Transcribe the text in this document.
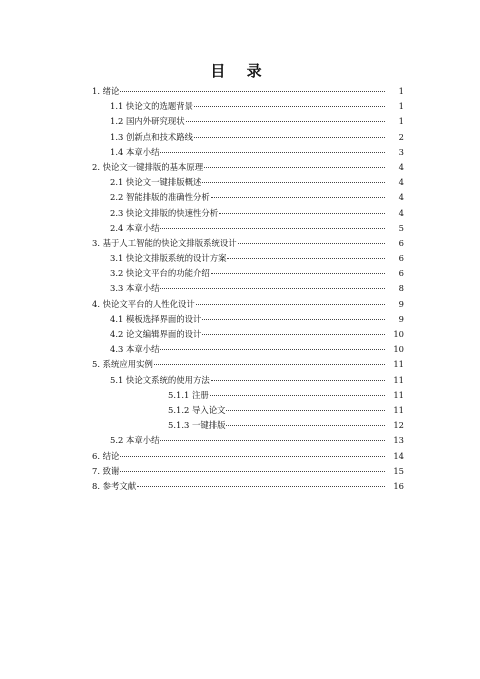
目 录
1. 绪论	1
1.1 快论文的选题背景	1
1.2 国内外研究现状	1
1.3 创新点和技术路线	2
1.4 本章小结	3
2. 快论文一键排版的基本原理	4
2.1 快论文一键排版概述	4
2.2 智能排版的准确性分析	4
2.3 快论文排版的快速性分析	4
2.4 本章小结	5
3. 基于人工智能的快论文排版系统设计	6
3.1 快论文排版系统的设计方案	6
3.2 快论文平台的功能介绍	6
3.3 本章小结	8
4. 快论文平台的人性化设计	9
4.1 模板选择界面的设计	9
4.2 论文编辑界面的设计	10
4.3 本章小结	10
5. 系统应用实例	11
5.1 快论文系统的使用方法	11
5.1.1 注册	11
5.1.2 导入论文	11
5.1.3 一键排版	12
5.2 本章小结	13
6. 结论	14
7. 致谢	15
8. 参考文献	16
